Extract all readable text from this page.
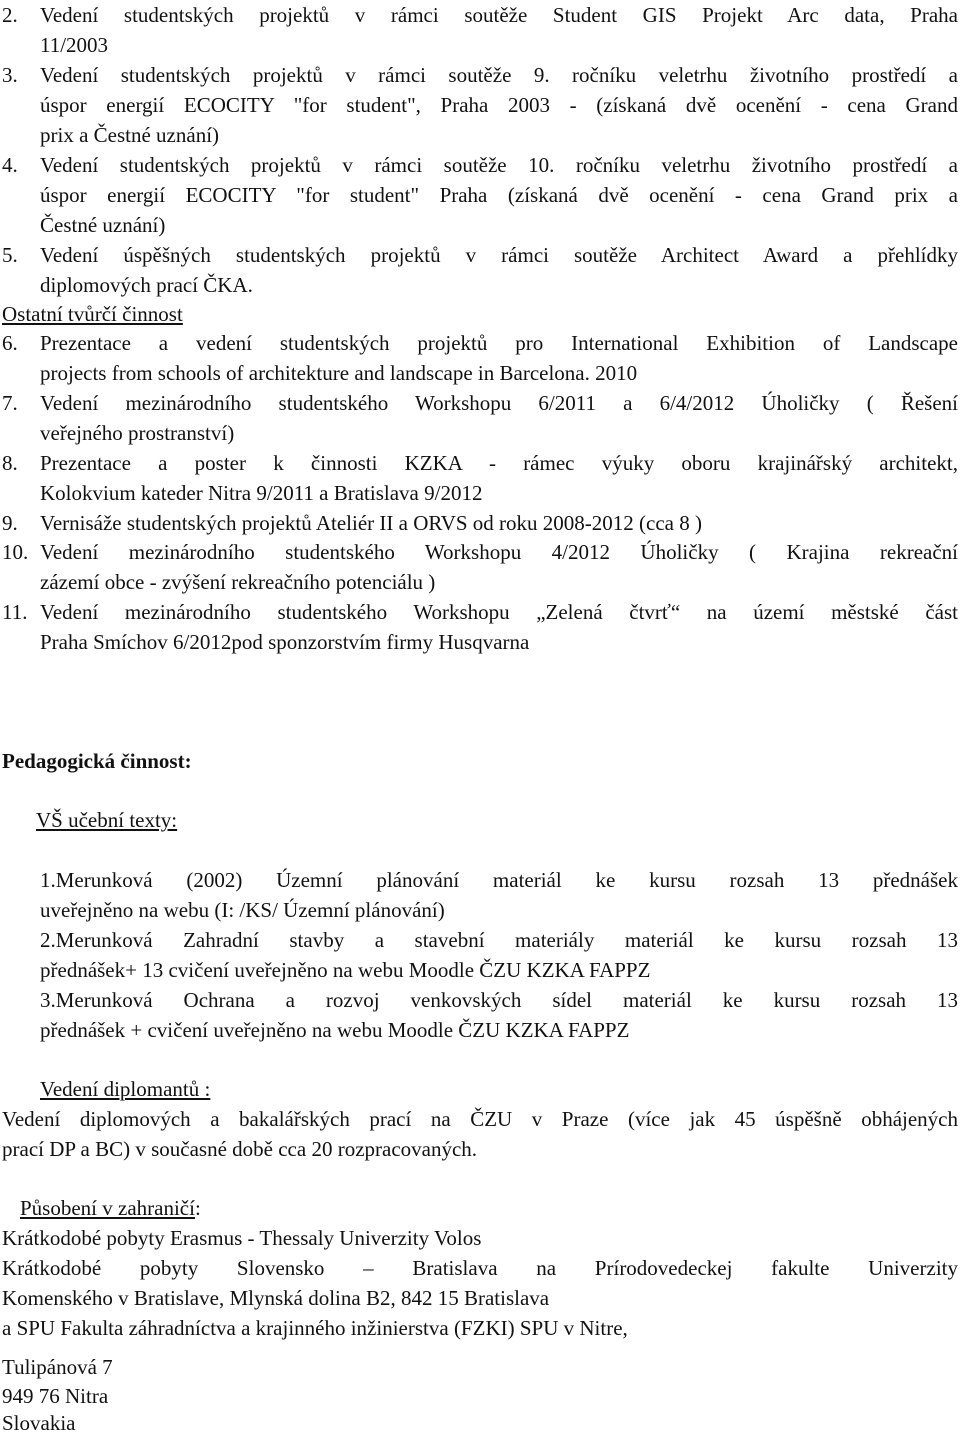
2. Vedení studentských projektů v rámci soutěže Student GIS Projekt Arc data, Praha
11/2003
3. Vedení studentských projektů v rámci soutěže 9. ročníku veletrhu životního prostředí a
úspor energií ECOCITY "for student", Praha 2003 - (získaná dvě ocenění - cena Grand
prix a Čestné uznání)
4. Vedení studentských projektů v rámci soutěže 10. ročníku veletrhu životního prostředí a
úspor energií ECOCITY "for student" Praha (získaná dvě ocenění - cena Grand prix a
Čestné uznání)
5. Vedení úspěšných studentských projektů v rámci soutěže Architect Award a přehlídky
diplomových prací ČKA.
Ostatní tvůrčí činnost
6. Prezentace a vedení studentských projektů pro International Exhibition of Landscape
projects from schools of architekture and landscape in Barcelona. 2010
7. Vedení mezinárodního studentského Workshopu 6/2011 a 6/4/2012 Úholičky ( Řešení
veřejného prostranství)
8. Prezentace a poster k činnosti KZKA - rámec výuky oboru krajinářský architekt,
Kolokvium kateder Nitra 9/2011 a Bratislava 9/2012
9. Vernisáže studentských projektů Ateliér II a ORVS od roku 2008-2012 (cca 8 )
10. Vedení mezinárodního studentského Workshopu 4/2012 Úholičky ( Krajina rekreační
zázemí obce - zvýšení rekreačního potenciálu )
11. Vedení mezinárodního studentského Workshopu „Zelená čtvrť“ na území městské část
Praha Smíchov 6/2012pod sponzorstvím firmy Husqvarna
Pedagogická činnost:
VŠ učební texty:
1.Merunková (2002) Územní plánování materiál ke kursu rozsah 13 přednášek
uveřejněno na webu (I: /KS/ Územní plánování)
2.Merunková Zahradní stavby a stavební materiály materiál ke kursu rozsah 13
přednášek+ 13 cvičení uveřejněno na webu Moodle ČZU KZKA FAPPZ
3.Merunková Ochrana a rozvoj venkovských sídel materiál ke kursu rozsah 13
přednášek + cvičení uveřejněno na webu Moodle ČZU KZKA FAPPZ
Vedení diplomantů :
Vedení diplomových a bakalářských prací na ČZU v Praze (více jak 45 úspěšně obhájených
prací DP a BC) v současné době cca 20 rozpracovaných.
Působení v zahraničí:
Krátkodobé pobyty Erasmus - Thessaly Univerzity Volos
Krátkodobé pobyty Slovensko – Bratislava na Prírodovedeckej fakulte Univerzity
Komenského v Bratislave, Mlynská dolina B2, 842 15 Bratislava
a SPU Fakulta záhradníctva a krajinného inžinierstva (FZKI) SPU v Nitre,
Tulipánová 7
949 76 Nitra
Slovakia
